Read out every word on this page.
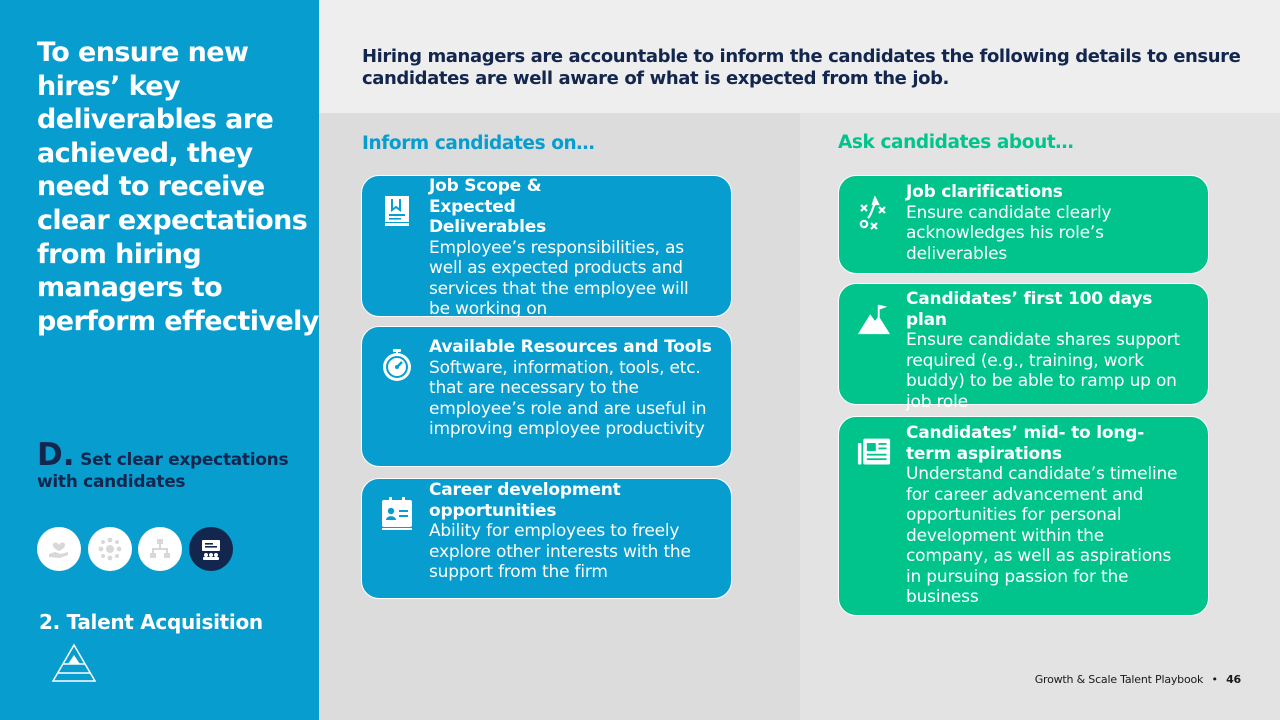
To ensure new hires’ key deliverables are achieved, they need to receive clear expectations from hiring managers to perform effectively
D. Set clear expectations with candidates
2. Talent Acquisition

Hiring managers are accountable to inform the candidates the following details to ensure candidates are well aware of what is expected from the job.

Inform candidates on…	Ask candidates about…
Job Scope & Expected Deliverables
Employee’s responsibilities, as well as expected products and services that the employee will be working on
Available Resources and Tools
Software, information, tools, etc. that are necessary to the employee’s role and are useful in improving employee productivity
Career development opportunities
Ability for employees to freely explore other interests with the support from the firm
Job clarifications
Ensure candidate clearly acknowledges his role’s deliverables
Candidates’ first 100 days plan
Ensure candidate shares support required (e.g., training, work buddy) to be able to ramp up on job role
Candidates’ mid- to long-term aspirations
Understand candidate’s timeline for career advancement and opportunities for personal development within the company, as well as aspirations in pursuing passion for the business
Growth & Scale Talent Playbook • 46
